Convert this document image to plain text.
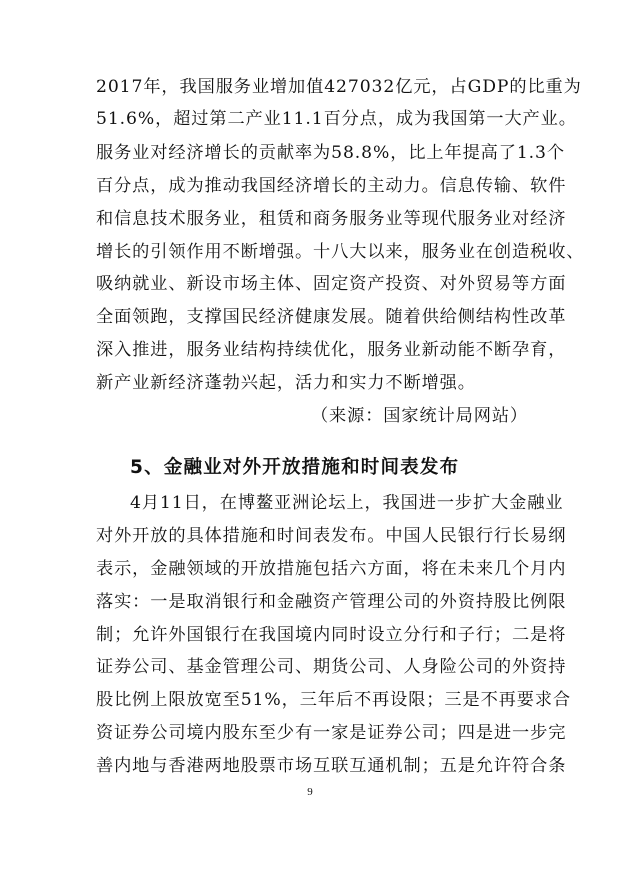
2017年，我国服务业增加值427032亿元，占GDP的比重为
51.6%，超过第二产业11.1百分点，成为我国第一大产业。
服务业对经济增长的贡献率为58.8%，比上年提高了1.3个
百分点，成为推动我国经济增长的主动力。信息传输、软件
和信息技术服务业，租赁和商务服务业等现代服务业对经济
增长的引领作用不断增强。十八大以来，服务业在创造税收、
吸纳就业、新设市场主体、固定资产投资、对外贸易等方面
全面领跑，支撑国民经济健康发展。随着供给侧结构性改革
深入推进，服务业结构持续优化，服务业新动能不断孕育，
新产业新经济蓬勃兴起，活力和实力不断增强。
（来源：国家统计局网站）
5、金融业对外开放措施和时间表发布
4月11日，在博鳌亚洲论坛上，我国进一步扩大金融业
对外开放的具体措施和时间表发布。中国人民银行行长易纲
表示，金融领域的开放措施包括六方面，将在未来几个月内
落实：一是取消银行和金融资产管理公司的外资持股比例限
制；允许外国银行在我国境内同时设立分行和子行；二是将
证券公司、基金管理公司、期货公司、人身险公司的外资持
股比例上限放宽至51%，三年后不再设限；三是不再要求合
资证券公司境内股东至少有一家是证券公司；四是进一步完
善内地与香港两地股票市场互联互通机制；五是允许符合条
9
